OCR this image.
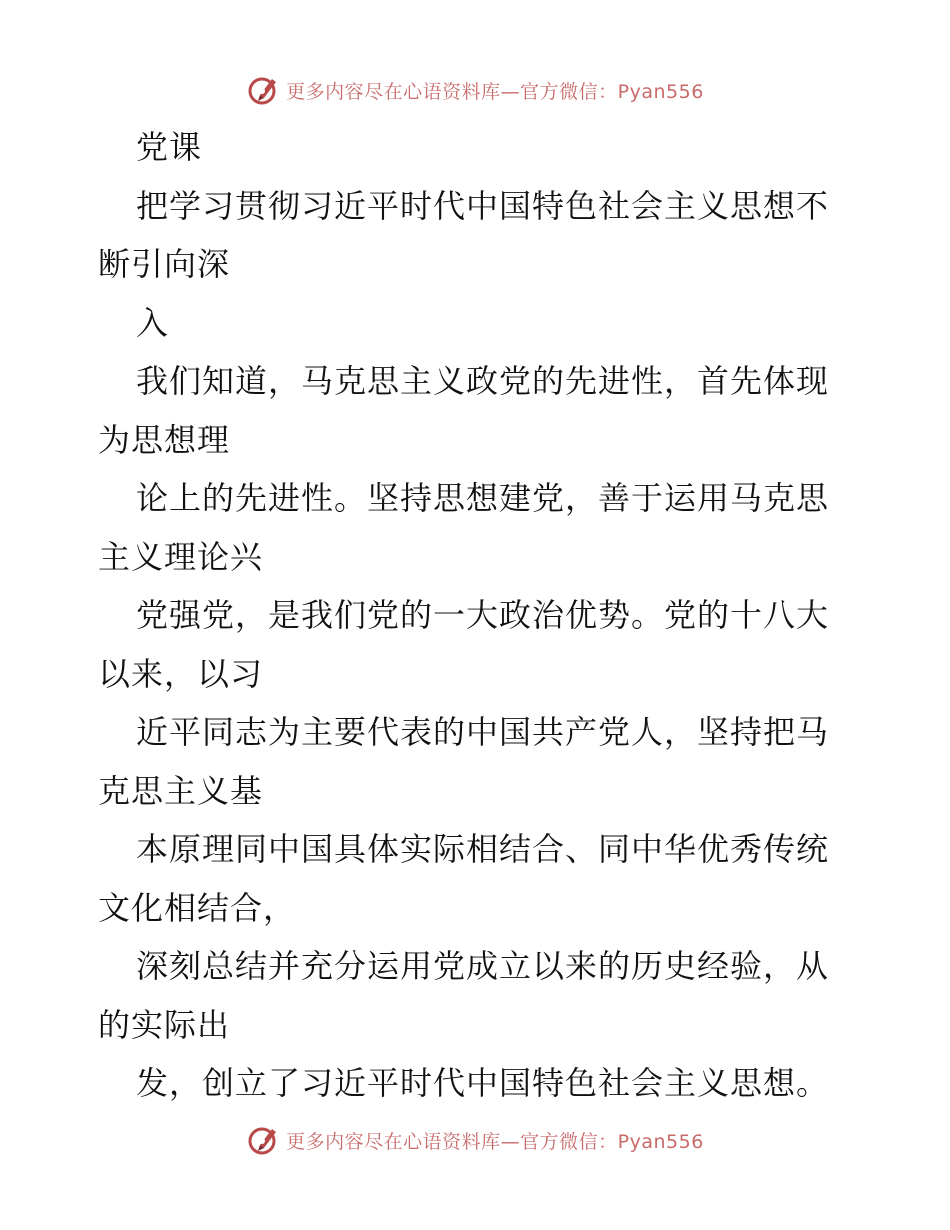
更多内容尽在心语资料库—官方微信：Pyan556
党课
把学习贯彻习近平时代中国特色社会主义思想不
断引向深
入
我们知道，马克思主义政党的先进性，首先体现
为思想理
论上的先进性。坚持思想建党，善于运用马克思
主义理论兴
党强党，是我们党的一大政治优势。党的十八大
以来，以习
近平同志为主要代表的中国共产党人，坚持把马
克思主义基
本原理同中国具体实际相结合、同中华优秀传统
文化相结合，
深刻总结并充分运用党成立以来的历史经验，从
的实际出
发，创立了习近平时代中国特色社会主义思想。
更多内容尽在心语资料库—官方微信：Pyan556
